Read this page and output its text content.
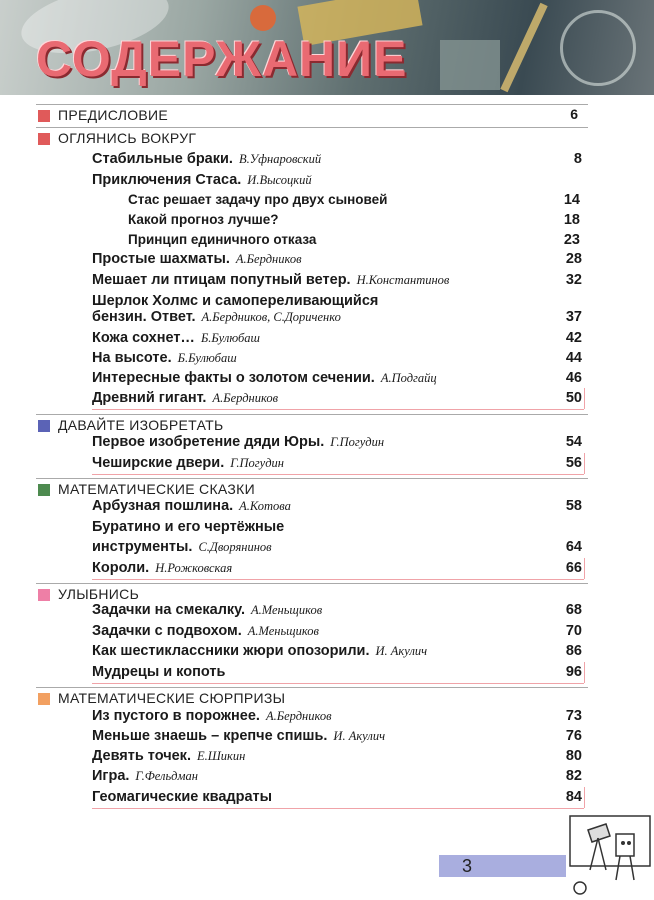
СОДЕРЖАНИЕ
ПРЕДИСЛОВИЕ	6
ОГЛЯНИСЬ ВОКРУГ
Стабильные браки. В.Уфнаровский	8
Приключения Стаса. И.Высоцкий
Стас решает задачу про двух сыновей	14
Какой прогноз лучше?	18
Принцип единичного отказа	23
Простые шахматы. А.Бердников	28
Мешает ли птицам попутный ветер. Н.Константинов	32
Шерлок Холмс и самопереливающийся
бензин. Ответ. А.Бердников, С.Дориченко	37
Кожа сохнет… Б.Булюбаш	42
На высоте. Б.Булюбаш	44
Интересные факты о золотом сечении. А.Подгайц	46
Древний гигант. А.Бердников	50
ДАВАЙТЕ ИЗОБРЕТАТЬ
Первое изобретение дяди Юры. Г.Погудин	54
Чеширские двери. Г.Погудин	56
МАТЕМАТИЧЕСКИЕ СКАЗКИ
Арбузная пошлина. А.Котова	58
Буратино и его чертёжные
инструменты. С.Дворянинов	64
Короли. Н.Рожковская	66
УЛЫБНИСЬ
Задачки на смекалку. А.Меньщиков	68
Задачки с подвохом. А.Меньщиков	70
Как шестиклассники жюри опозорили. И. Акулич	86
Мудрецы и копоть	96
МАТЕМАТИЧЕСКИЕ СЮРПРИЗЫ
Из пустого в порожнее. А.Бердников	73
Меньше знаешь – крепче спишь. И. Акулич	76
Девять точек. Е.Шикин	80
Игра. Г.Фельдман	82
Геомагические квадраты	84
3
